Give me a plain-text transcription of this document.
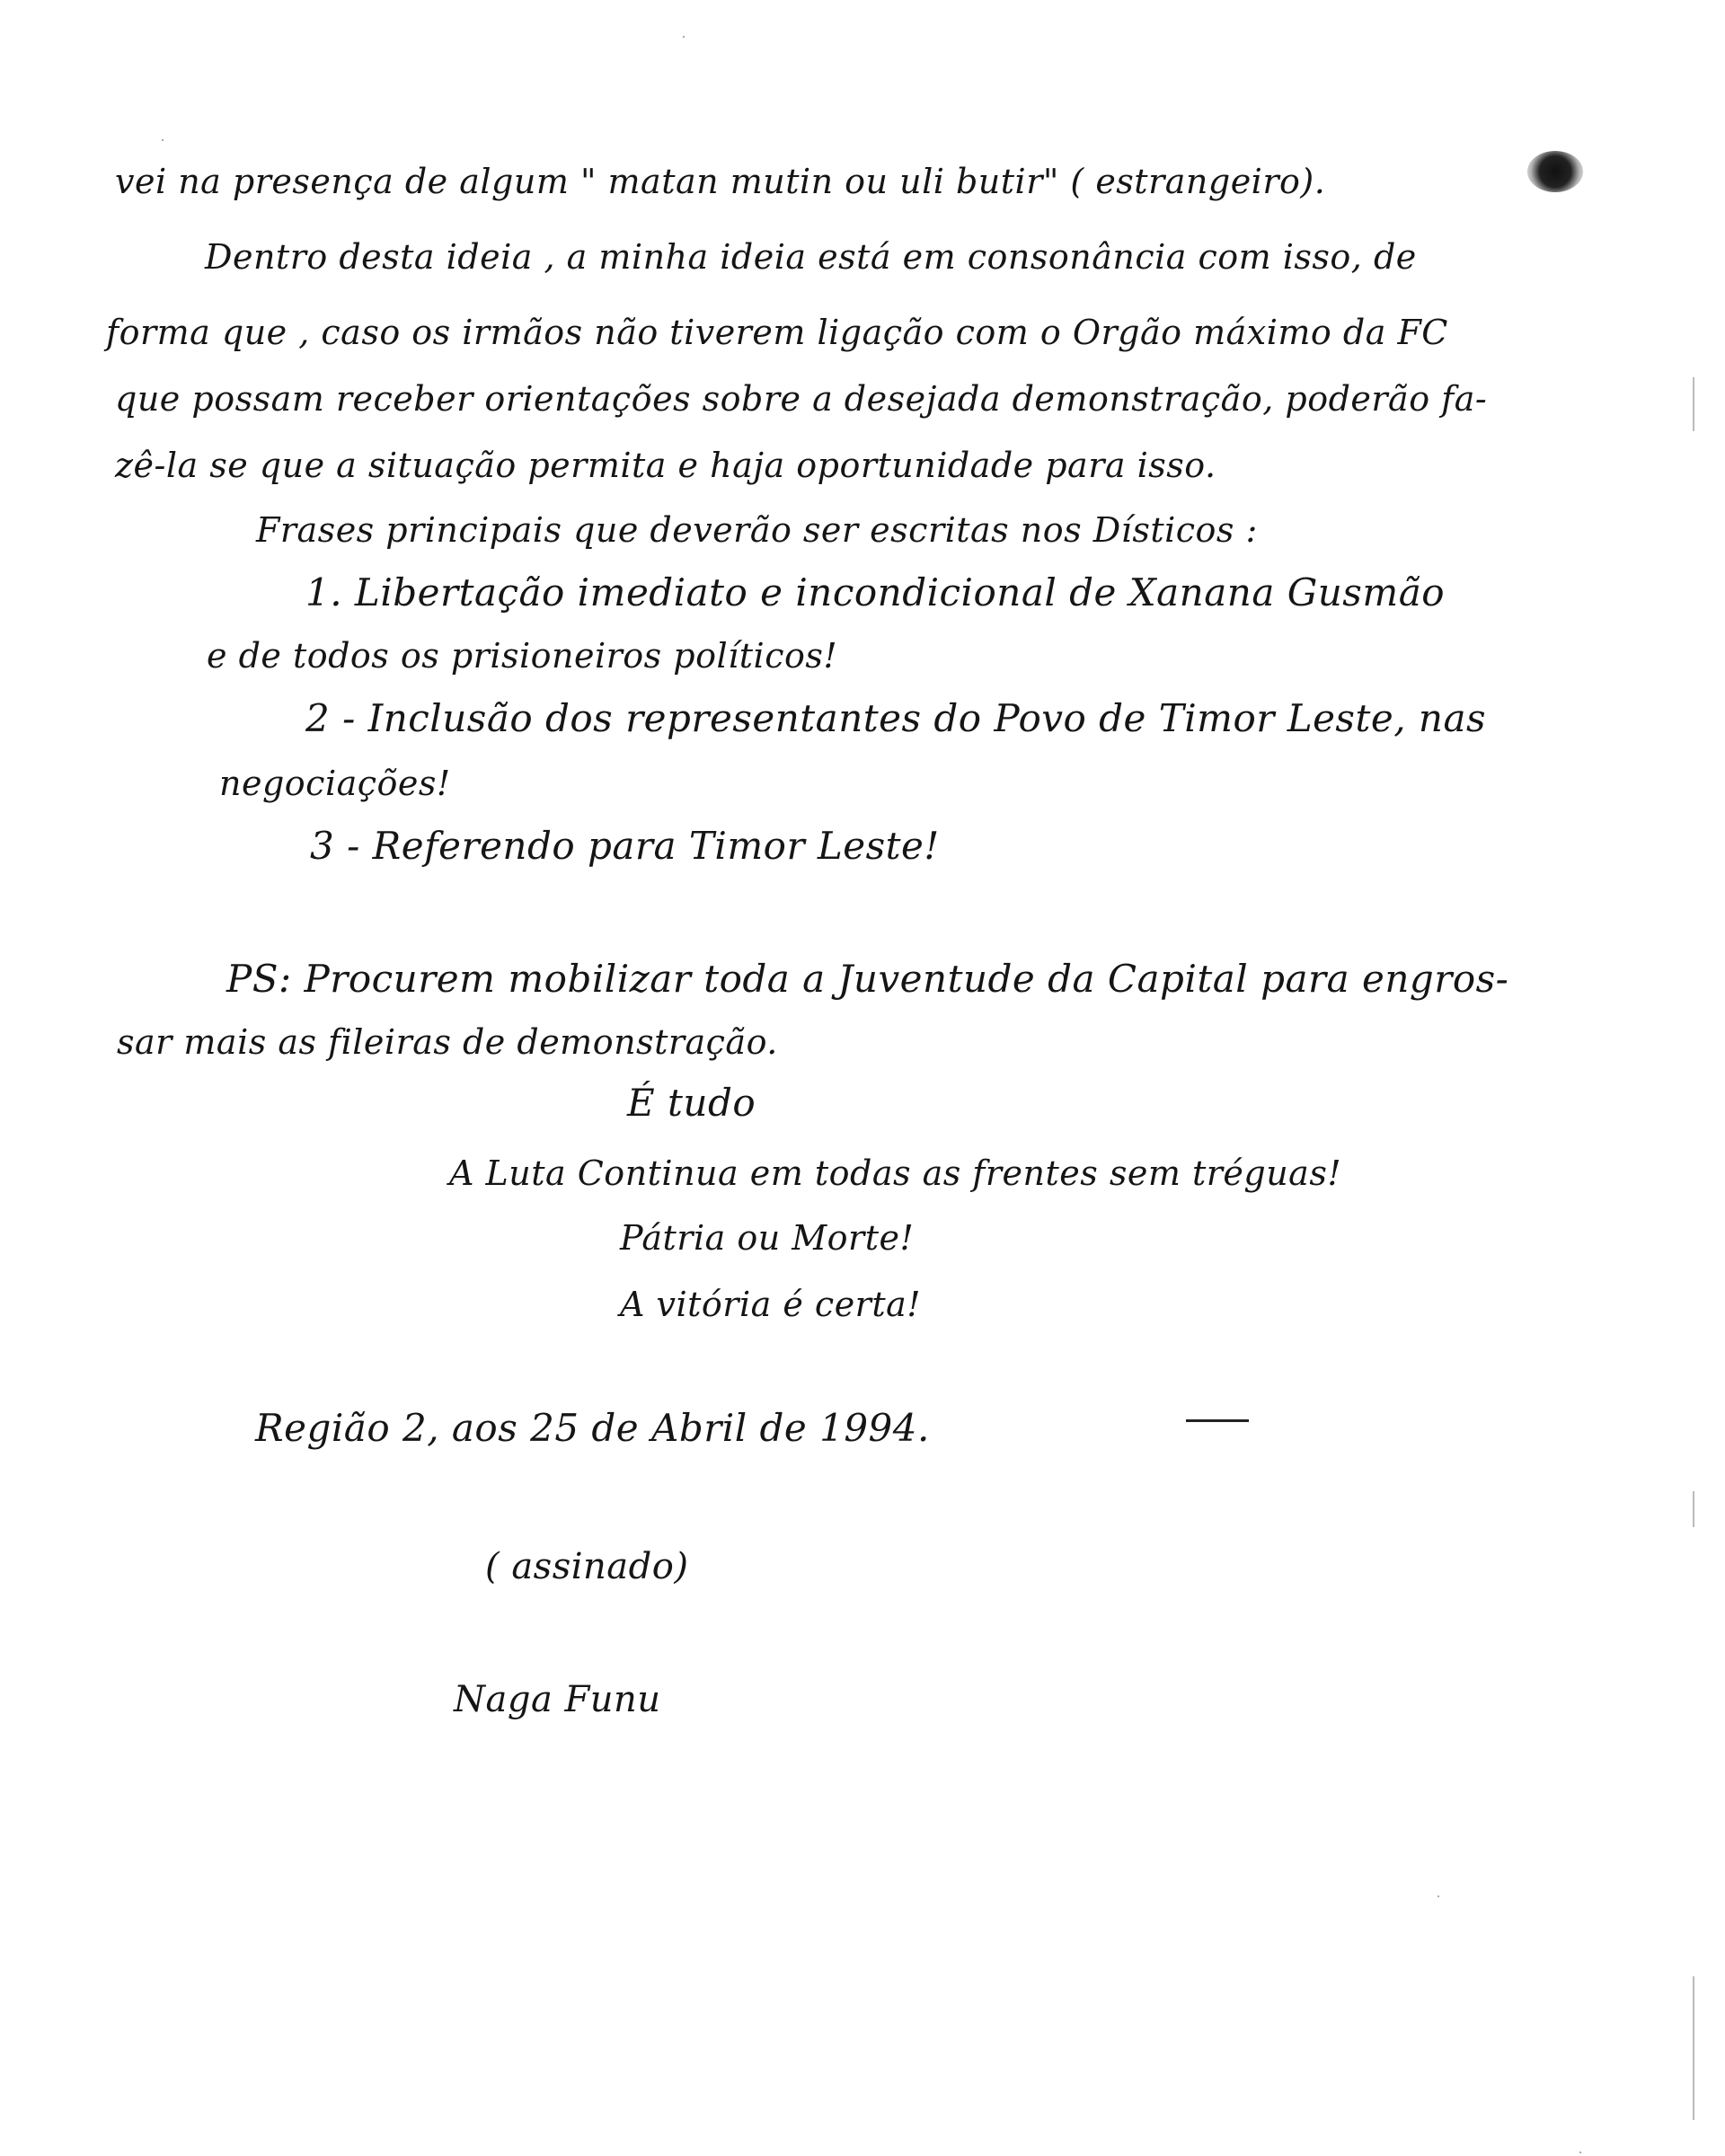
vei na presença de algum " matan mutin ou uli butir" ( estrangeiro).
Dentro desta ideia , a minha ideia está em consonância com isso, de
forma que , caso os irmãos não tiverem ligação com o Orgão máximo da FC
que possam receber orientações sobre a desejada demonstração, poderão fa-
zê-la se que a situação permita e haja oportunidade para isso.
Frases principais que deverão ser escritas nos Dísticos :
1. Libertação imediato e incondicional de Xanana Gusmão
e de todos os prisioneiros políticos!
2 - Inclusão dos representantes do Povo de Timor Leste, nas
negociações!
3 - Referendo para Timor Leste!
PS: Procurem mobilizar toda a Juventude da Capital para engros-
sar mais as fileiras de demonstração.
É tudo
A Luta Continua em todas as frentes sem tréguas!
Pátria ou Morte!
A vitória é certa!
Região 2, aos 25 de Abril de 1994.
( assinado)
Naga Funu
